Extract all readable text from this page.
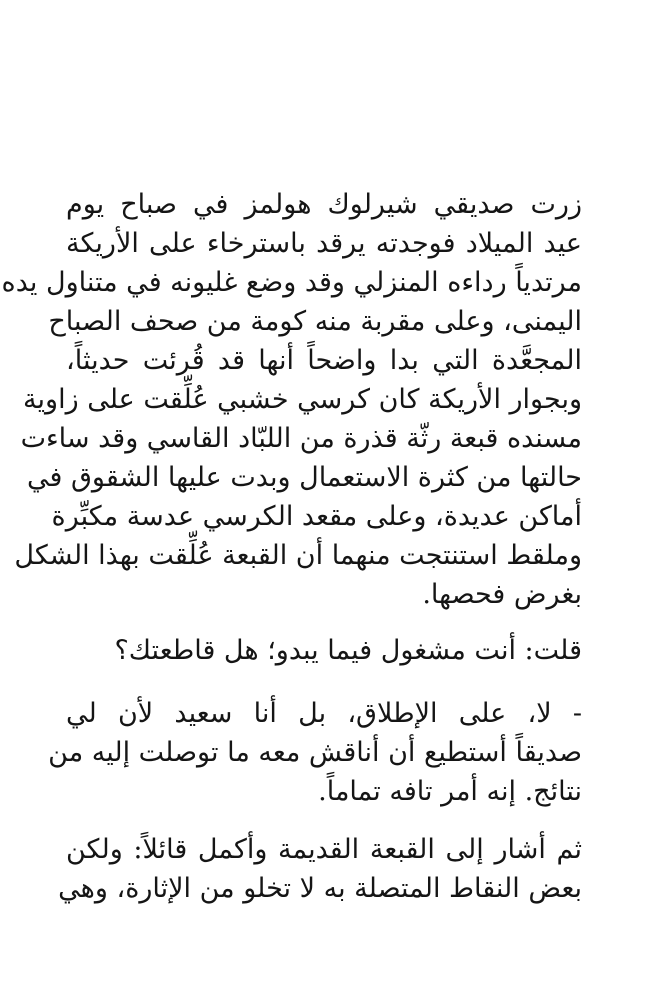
زرت صديقي شيرلوك هولمز في صباح يوم
عيد الميلاد فوجدته يرقد باسترخاء على الأريكة
مرتدياً رداءه المنزلي وقد وضع غليونه في متناول يده
اليمنى، وعلى مقربة منه كومة من صحف الصباح
المجعَّدة التي بدا واضحاً أنها قد قُرئت حديثاً،
وبجوار الأريكة كان كرسي خشبي عُلِّقت على زاوية
مسنده قبعة رثّة قذرة من اللبّاد القاسي وقد ساءت
حالتها من كثرة الاستعمال وبدت عليها الشقوق في
أماكن عديدة، وعلى مقعد الكرسي عدسة مكبِّرة
وملقط استنتجت منهما أن القبعة عُلِّقت بهذا الشكل
بغرض فحصها.
قلت: أنت مشغول فيما يبدو؛ هل قاطعتك؟
- لا، على الإطلاق، بل أنا سعيد لأن لي
صديقاً أستطيع أن أناقش معه ما توصلت إليه من
نتائج. إنه أمر تافه تماماً.
ثم أشار إلى القبعة القديمة وأكمل قائلاً: ولكن
بعض النقاط المتصلة به لا تخلو من الإثارة، وهي
